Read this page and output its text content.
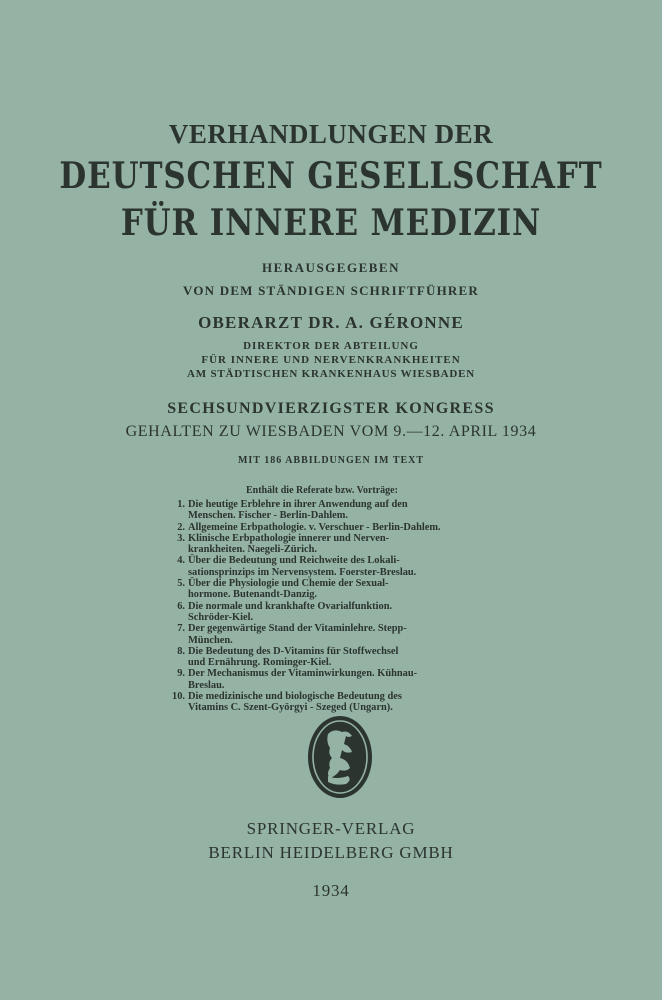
VERHANDLUNGEN DER
DEUTSCHEN GESELLSCHAFT
FÜR INNERE MEDIZIN
HERAUSGEGEBEN
VON DEM STÄNDIGEN SCHRIFTFÜHRER
OBERARZT DR. A. GÉRONNE
DIREKTOR DER ABTEILUNG
FÜR INNERE UND NERVENKRANKHEITEN
AM STÄDTISCHEN KRANKENHAUS WIESBADEN
SECHSUNDVIERZIGSTER KONGRESS
GEHALTEN ZU WIESBADEN VOM 9.—12. APRIL 1934
MIT 186 ABBILDUNGEN IM TEXT
Enthält die Referate bzw. Vorträge:
1. Die heutige Erblehre in ihrer Anwendung auf den
Menschen. Fischer - Berlin-Dahlem.
2. Allgemeine Erbpathologie. v. Verschuer - Berlin-Dahlem.
3. Klinische Erbpathologie innerer und Nerven-
krankheiten. Naegeli-Zürich.
4. Über die Bedeutung und Reichweite des Lokali-
sationsprinzips im Nervensystem. Foerster-Breslau.
5. Über die Physiologie und Chemie der Sexual-
hormone. Butenandt-Danzig.
6. Die normale und krankhafte Ovarialfunktion.
Schröder-Kiel.
7. Der gegenwärtige Stand der Vitaminlehre. Stepp-
München.
8. Die Bedeutung des D-Vitamins für Stoffwechsel
und Ernährung. Rominger-Kiel.
9. Der Mechanismus der Vitaminwirkungen. Kühnau-
Breslau.
10. Die medizinische und biologische Bedeutung des
Vitamins C. Szent-Györgyi - Szeged (Ungarn).
SPRINGER-VERLAG
BERLIN HEIDELBERG GMBH
1934
